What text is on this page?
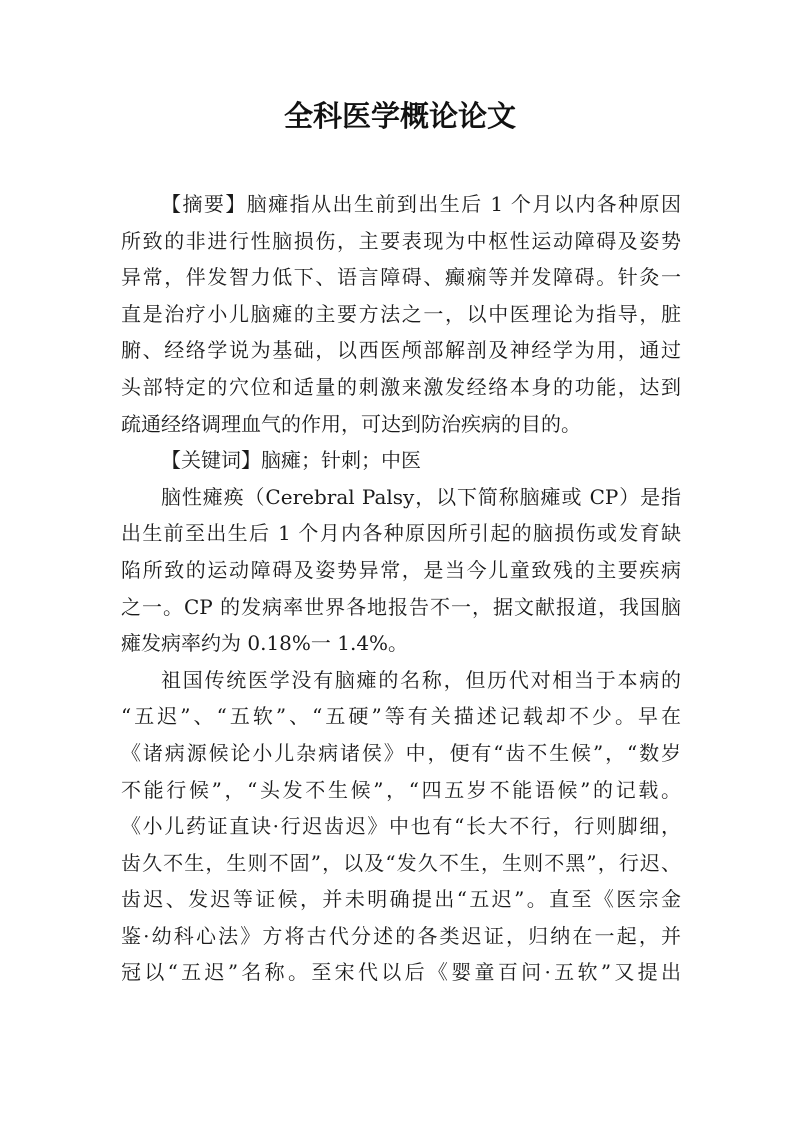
全科医学概论论文
【摘要】脑瘫指从出生前到出生后 1 个月以内各种原因
所致的非进行性脑损伤，主要表现为中枢性运动障碍及姿势
异常，伴发智力低下、语言障碍、癫痫等并发障碍。针灸一
直是治疗小儿脑瘫的主要方法之一，以中医理论为指导，脏
腑、经络学说为基础，以西医颅部解剖及神经学为用，通过
头部特定的穴位和适量的刺激来激发经络本身的功能，达到
疏通经络调理血气的作用，可达到防治疾病的目的。
【关键词】脑瘫；针刺；中医
脑性瘫痪（Cerebral Palsy，以下简称脑瘫或 CP）是指
出生前至出生后 1 个月内各种原因所引起的脑损伤或发育缺
陷所致的运动障碍及姿势异常，是当今儿童致残的主要疾病
之一。CP 的发病率世界各地报告不一，据文献报道，我国脑
瘫发病率约为 0.18%一 1.4%。
祖国传统医学没有脑瘫的名称，但历代对相当于本病的
“五迟”、“五软”、“五硬”等有关描述记载却不少。早在
《诸病源候论小儿杂病诸侯》中，便有“齿不生候”，“数岁
不能行候”，“头发不生候”，“四五岁不能语候”的记载。
《小儿药证直诀·行迟齿迟》中也有“长大不行，行则脚细，
齿久不生，生则不固”，以及“发久不生，生则不黑”，行迟、
齿迟、发迟等证候，并未明确提出“五迟”。直至《医宗金
鉴·幼科心法》方将古代分述的各类迟证，归纳在一起，并
冠以“五迟”名称。至宋代以后《婴童百问·五软”又提出
